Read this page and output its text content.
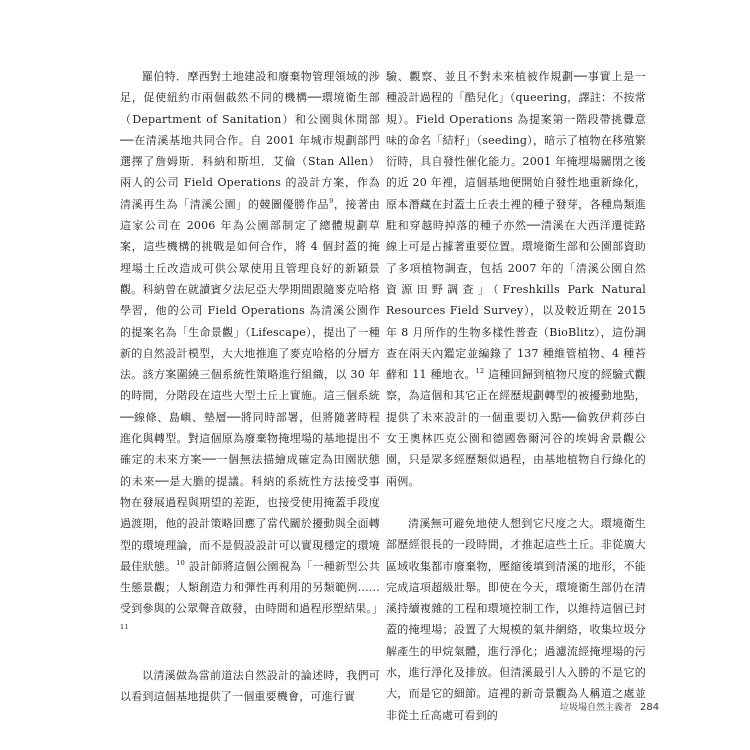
羅伯特．摩西對土地建設和廢棄物管理領域的涉足，促使紐約市兩個截然不同的機構──環境衛生部（Department of Sanitation）和公園與休閒部──在清溪基地共同合作。自 2001 年城市規劃部門選擇了詹姆斯．科納和斯坦．艾倫（Stan Allen）兩人的公司 Field Operations 的設計方案，作為清溪再生為「清溪公園」的競圖優勝作品$^9$，接著由這家公司在 2006 年為公園部制定了總體規劃草案，這些機構的挑戰是如何合作，將 4 個封蓋的掩埋場土丘改造成可供公眾使用且管理良好的新穎景觀。科納曾在就讀賓夕法尼亞大學期間跟隨麥克哈格學習，他的公司 Field Operations 為清溪公園作的提案名為「生命景觀」（Lifescape），提出了一種新的自然設計模型，大大地推進了麥克哈格的分層方法。該方案圍繞三個系統性策略進行組織，以 30 年的時間，分階段在這些大型土丘上實施。這三個系統──線條、島嶼、墊層──將同時部署，但將隨著時程進化與轉型。對這個原為廢棄物掩埋場的基地提出不確定的未來方案──一個無法描繪成確定為田園狀態的未來──是大膽的提議。科納的系統性方法接受事物在發展過程與期望的差距，也接受使用掩蓋手段度過渡期，他的設計策略回應了當代關於擾動與全面轉型的環境理論，而不是假設設計可以實現穩定的環境最佳狀態。$^{10}$ 設計師將這個公園視為「一種新型公共生態景觀；人類創造力和彈性再利用的另類範例……受到參與的公眾聲音啟發，由時間和過程形塑結果。」$^{11}$

以清溪做為當前道法自然設計的論述時，我們可以看到這個基地提供了一個重要機會，可進行實

驗、觀察、並且不對未來植被作規劃──事實上是一種設計過程的「酷兒化」（queering，譯註：不按常規）。Field Operations 為提案第一階段帶挑釁意味的命名「結籽」（seeding），暗示了植物在移殖繁衍時，具自發性催化能力。2001 年掩埋場關閉之後的近 20 年裡，這個基地便開始自發性地重新綠化，原本潛藏在封蓋土丘表土裡的種子發芽，各種鳥類進駐和穿越時掉落的種子亦然──清溪在大西洋遷徙路線上可是占據著重要位置。環境衛生部和公園部資助了多項植物調查，包括 2007 年的「清溪公園自然資源田野調查」（Freshkills Park Natural Resources Field Survey），以及較近期在 2015 年 8 月所作的生物多樣性普查（BioBlitz），這份調查在兩天內鑑定並編錄了 137 種維管植物、4 種苔蘚和 11 種地衣。$^{12}$ 這種回歸到植物尺度的經驗式觀察，為這個和其它正在經歷規劃轉型的被擾動地點，提供了未來設計的一個重要切入點──倫敦伊莉莎白女王奧林匹克公園和德國魯爾河谷的埃姆舍景觀公園，只是眾多經歷類似過程，由基地植物自行綠化的兩例。

清溪無可避免地使人想到它尺度之大。環境衛生部歷經很長的一段時間，才推起這些土丘。非從廣大區域收集都市廢棄物，壓縮後填到清溪的地形，不能完成這項超級壯舉。即使在今天，環境衛生部仍在清溪持續複雜的工程和環境控制工作，以維持這個已封蓋的掩埋場；設置了大規模的氣井網絡，收集垃圾分解產生的甲烷氣體，進行淨化；過濾流經掩埋場的污水，進行淨化及排放。但清溪最引人入勝的不是它的大，而是它的細節。這裡的新奇景觀為人稱道之處並非從土丘高處可看到的

垃圾場自然主義者 284
